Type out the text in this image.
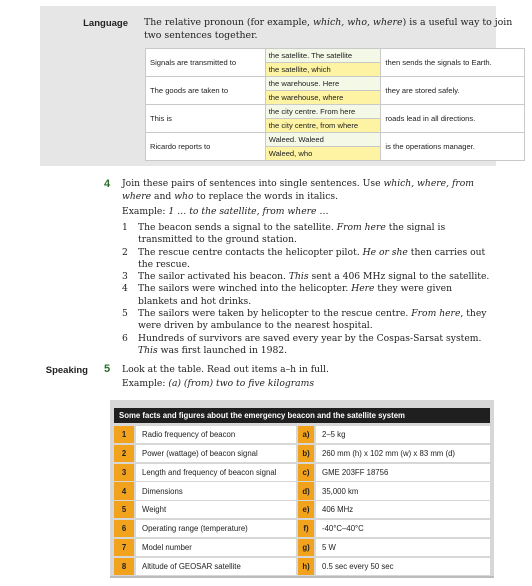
Language The relative pronoun (for example, which, who, where) is a useful way to join two sentences together.
Signals are transmitted to	the satellite. The satellite	then sends the signals to Earth.
	the satellite, which	
The goods are taken to	the warehouse. Here	they are stored safely.
	the warehouse, where	
This is	the city centre. From here	roads lead in all directions.
	the city centre, from where	
Ricardo reports to	Waleed. Waleed	is the operations manager.
	Waleed, who	
4 Join these pairs of sentences into single sentences. Use which, where, from where and who to replace the words in italics.
Example: 1 … to the satellite, from where …
1	The beacon sends a signal to the satellite. From here the signal is transmitted to the ground station.
2	The rescue centre contacts the helicopter pilot. He or she then carries out the rescue.
3	The sailor activated his beacon. This sent a 406 MHz signal to the satellite.
4	The sailors were winched into the helicopter. Here they were given blankets and hot drinks.
5	The sailors were taken by helicopter to the rescue centre. From here, they were driven by ambulance to the nearest hospital.
6	Hundreds of survivors are saved every year by the Cospas-Sarsat system. This was first launched in 1982.
Speaking 5 Look at the table. Read out items a–h in full.
Example: (a) (from) two to five kilograms
Some facts and figures about the emergency beacon and the satellite system
1	Radio frequency of beacon	a)	2–5 kg
2	Power (wattage) of beacon signal	b)	260 mm (h) x 102 mm (w) x 83 mm (d)
3	Length and frequency of beacon signal	c)	GME 203FF 18756
4	Dimensions	d)	35,000 km
5	Weight	e)	406 MHz
6	Operating range (temperature)	f)	-40°C–40°C
7	Model number	g)	5 W
8	Altitude of GEOSAR satellite	h)	0.5 sec every 50 sec
